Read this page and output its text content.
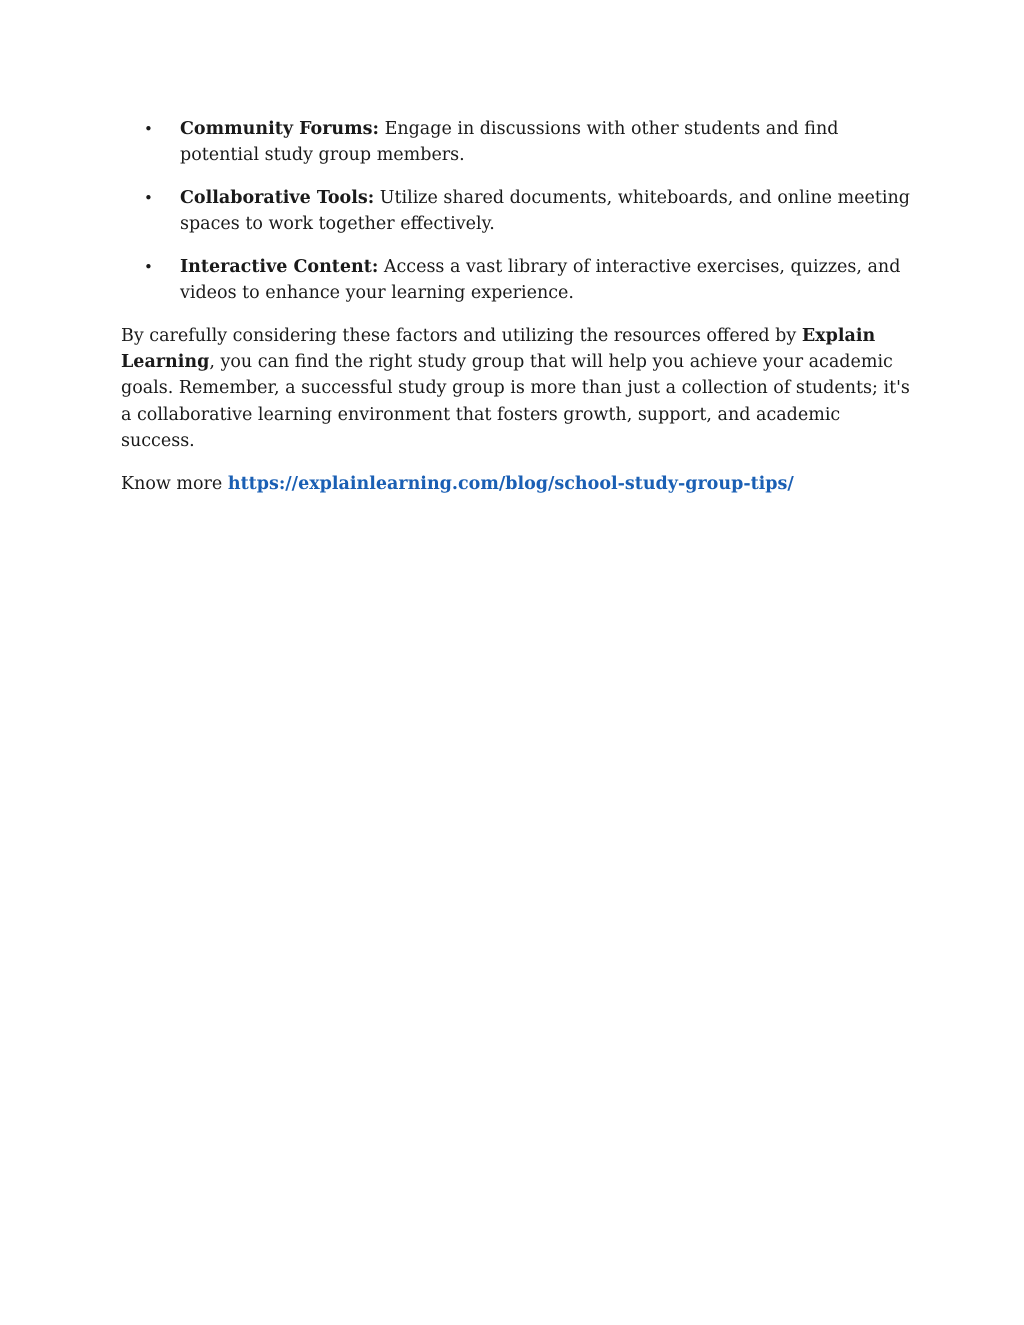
• Community Forums: Engage in discussions with other students and find potential study group members.
• Collaborative Tools: Utilize shared documents, whiteboards, and online meeting spaces to work together effectively.
• Interactive Content: Access a vast library of interactive exercises, quizzes, and videos to enhance your learning experience.

By carefully considering these factors and utilizing the resources offered by Explain Learning, you can find the right study group that will help you achieve your academic goals. Remember, a successful study group is more than just a collection of students; it's a collaborative learning environment that fosters growth, support, and academic success.

Know more https://explainlearning.com/blog/school-study-group-tips/
